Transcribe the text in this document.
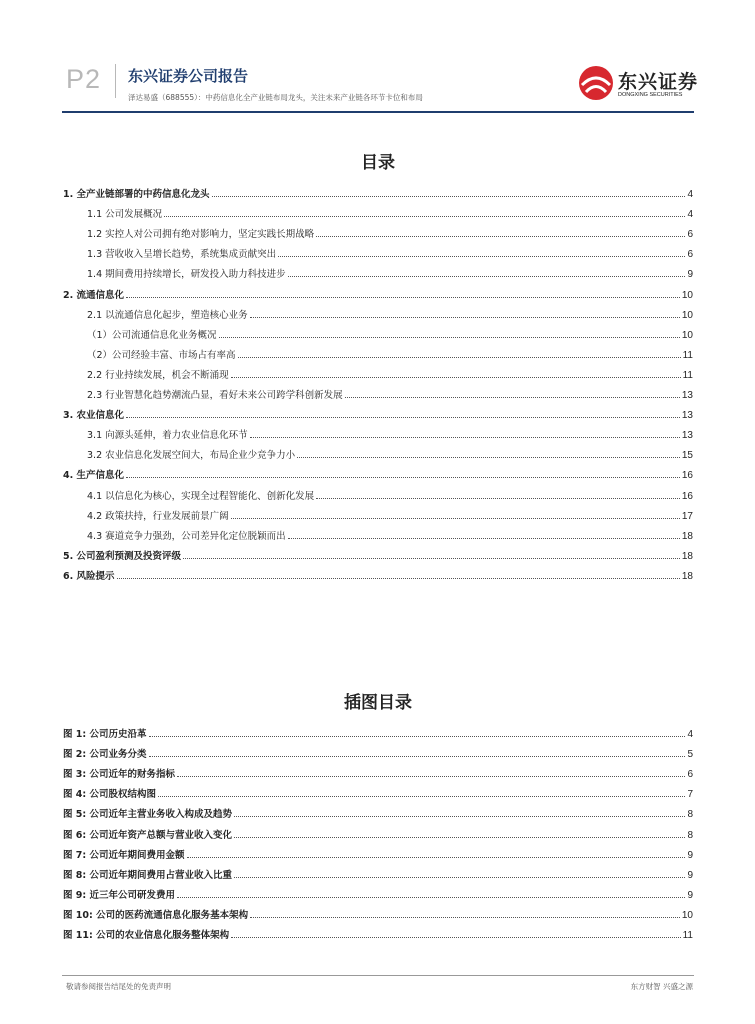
P2 东兴证券公司报告
泽达易盛（688555）：中药信息化全产业链布局龙头，关注未来产业链各环节卡位和布局
东兴证券
DONGXING SECURITIES
目录
1. 全产业链部署的中药信息化龙头	4
1.1 公司发展概况	4
1.2 实控人对公司拥有绝对影响力，坚定实践长期战略	6
1.3 营收收入呈增长趋势，系统集成贡献突出	6
1.4 期间费用持续增长，研发投入助力科技进步	9
2. 流通信息化	10
2.1 以流通信息化起步，塑造核心业务	10
（1）公司流通信息化业务概况	10
（2）公司经验丰富、市场占有率高	11
2.2 行业持续发展，机会不断涌现	11
2.3 行业智慧化趋势潮流凸显，看好未来公司跨学科创新发展	13
3. 农业信息化	13
3.1 向源头延伸，着力农业信息化环节	13
3.2 农业信息化发展空间大，布局企业少竞争力小	15
4. 生产信息化	16
4.1 以信息化为核心，实现全过程智能化、创新化发展	16
4.2 政策扶持，行业发展前景广阔	17
4.3 赛道竞争力强劲，公司差异化定位脱颖而出	18
5. 公司盈利预测及投资评级	18
6. 风险提示	18
插图目录
图 1: 公司历史沿革	4
图 2: 公司业务分类	5
图 3: 公司近年的财务指标	6
图 4: 公司股权结构图	7
图 5: 公司近年主营业务收入构成及趋势	8
图 6: 公司近年资产总额与营业收入变化	8
图 7: 公司近年期间费用金额	9
图 8: 公司近年期间费用占营业收入比重	9
图 9: 近三年公司研发费用	9
图 10: 公司的医药流通信息化服务基本架构	10
图 11: 公司的农业信息化服务整体架构	11
敬请参阅报告结尾处的免责声明	东方财智 兴盛之源
